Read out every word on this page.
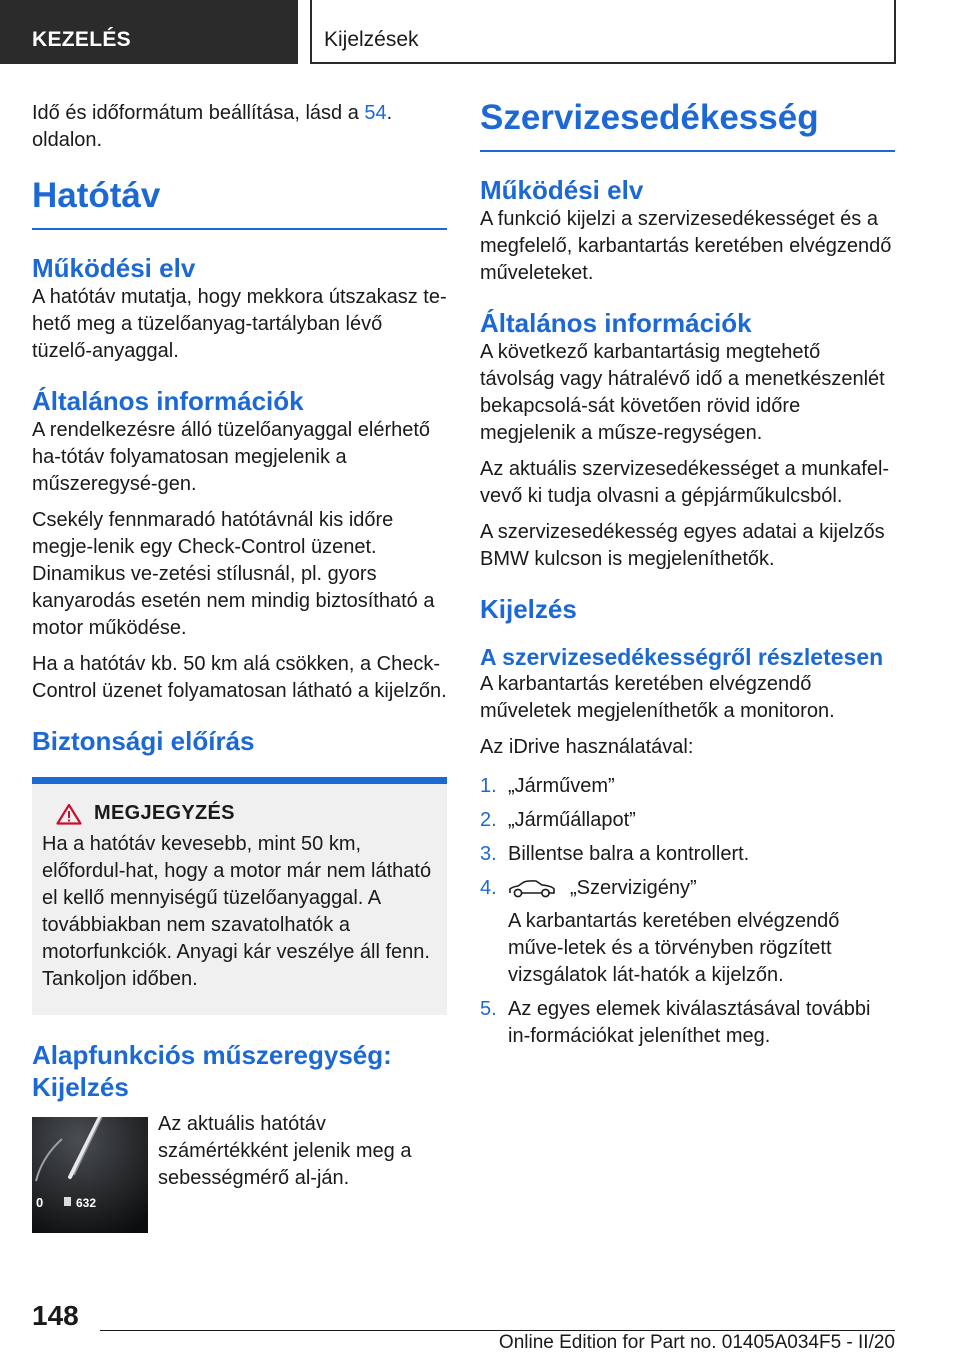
KEZELÉS	Kijelzések

Idő és időformátum beállítása, lásd a 54. oldalon.

Hatótáv
Működési elv

A hatótáv mutatja, hogy mekkora útszakasz te-hető meg a tüzelőanyag-tartályban lévő tüzelő-anyaggal.

Általános információk

A rendelkezésre álló tüzelőanyaggal elérhető ha-tótáv folyamatosan megjelenik a műszeregysé-gen.

Csekély fennmaradó hatótávnál kis időre megje-lenik egy Check-Control üzenet. Dinamikus ve-zetési stílusnál, pl. gyors kanyarodás esetén nem mindig biztosítható a motor működése.

Ha a hatótáv kb. 50 km alá csökken, a Check-Control üzenet folyamatosan látható a kijelzőn.

Biztonsági előírás
MEGJEGYZÉS

Ha a hatótáv kevesebb, mint 50 km, előfordul-hat, hogy a motor már nem látható el kellő mennyiségű tüzelőanyaggal. A továbbiakban nem szavatolhatók a motorfunkciók. Anyagi kár veszélye áll fenn. Tankoljon időben.

Alapfunkciós műszeregység: Kijelzés
0	632

Az aktuális hatótáv számértékként jelenik meg a sebességmérő al-ján.

Szervizesedékesség
Működési elv

A funkció kijelzi a szervizesedékességet és a megfelelő, karbantartás keretében elvégzendő műveleteket.

Általános információk

A következő karbantartásig megtehető távolság vagy hátralévő idő a menetkészenlét bekapcsolá-sát követően rövid időre megjelenik a műsze-regységen.

Az aktuális szervizesedékességet a munkafel-vevő ki tudja olvasni a gépjárműkulcsból.

A szervizesedékesség egyes adatai a kijelzős BMW kulcson is megjeleníthetők.

Kijelzés
A szervizesedékességről részletesen

A karbantartás keretében elvégzendő műveletek megjeleníthetők a monitoron.

Az iDrive használatával:

1. „Járművem”
2. „Járműállapot”
3. Billentse balra a kontrollert.
4.	„Szervizigény”
A karbantartás keretében elvégzendő műve-letek és a törvényben rögzített vizsgálatok lát-hatók a kijelzőn.
5. Az egyes elemek kiválasztásával további in-formációkat jeleníthet meg.
148
Online Edition for Part no. 01405A034F5 - II/20
